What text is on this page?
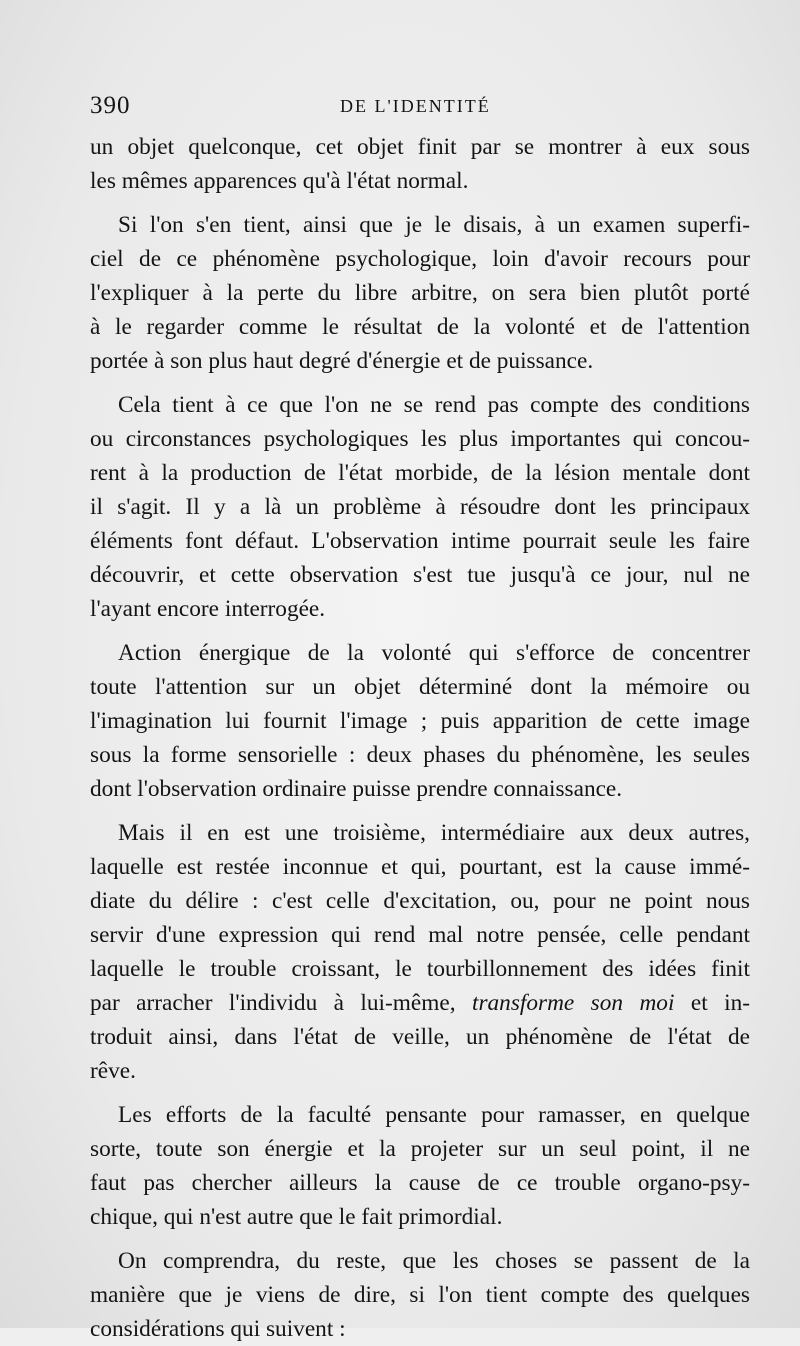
390	DE L'IDENTITÉ
un objet quelconque, cet objet finit par se montrer à eux sous
les mêmes apparences qu'à l'état normal.
Si l'on s'en tient, ainsi que je le disais, à un examen superfi-
ciel de ce phénomène psychologique, loin d'avoir recours pour
l'expliquer à la perte du libre arbitre, on sera bien plutôt porté
à le regarder comme le résultat de la volonté et de l'attention
portée à son plus haut degré d'énergie et de puissance.
Cela tient à ce que l'on ne se rend pas compte des conditions
ou circonstances psychologiques les plus importantes qui concou-
rent à la production de l'état morbide, de la lésion mentale dont
il s'agit. Il y a là un problème à résoudre dont les principaux
éléments font défaut. L'observation intime pourrait seule les faire
découvrir, et cette observation s'est tue jusqu'à ce jour, nul ne
l'ayant encore interrogée.
Action énergique de la volonté qui s'efforce de concentrer
toute l'attention sur un objet déterminé dont la mémoire ou
l'imagination lui fournit l'image ; puis apparition de cette image
sous la forme sensorielle : deux phases du phénomène, les seules
dont l'observation ordinaire puisse prendre connaissance.
Mais il en est une troisième, intermédiaire aux deux autres,
laquelle est restée inconnue et qui, pourtant, est la cause immé-
diate du délire : c'est celle d'excitation, ou, pour ne point nous
servir d'une expression qui rend mal notre pensée, celle pendant
laquelle le trouble croissant, le tourbillonnement des idées finit
par arracher l'individu à lui-même, transforme son moi et in-
troduit ainsi, dans l'état de veille, un phénomène de l'état de
rêve.
Les efforts de la faculté pensante pour ramasser, en quelque
sorte, toute son énergie et la projeter sur un seul point, il ne
faut pas chercher ailleurs la cause de ce trouble organo-psy-
chique, qui n'est autre que le fait primordial.
On comprendra, du reste, que les choses se passent de la
manière que je viens de dire, si l'on tient compte des quelques
considérations qui suivent :
